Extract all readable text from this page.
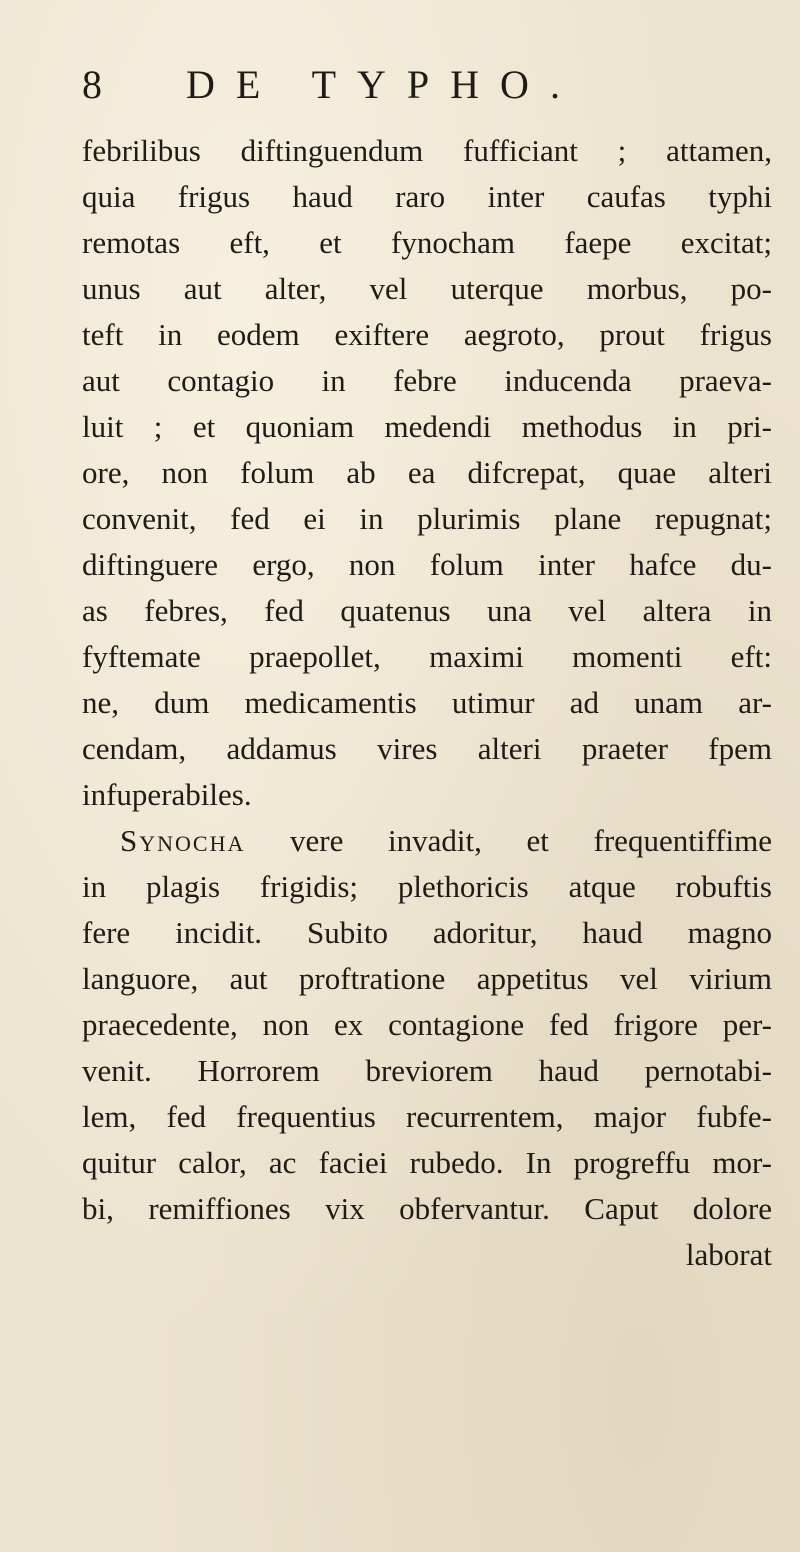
8 DE TYPHO.
febrilibus diftinguendum fufficiant ; attamen,
quia frigus haud raro inter caufas typhi
remotas eft, et fynocham faepe excitat;
unus aut alter, vel uterque morbus, po-
teft in eodem exiftere aegroto, prout frigus
aut contagio in febre inducenda praeva-
luit ; et quoniam medendi methodus in pri-
ore, non folum ab ea difcrepat, quae alteri
convenit, fed ei in plurimis plane repugnat;
diftinguere ergo, non folum inter hafce du-
as febres, fed quatenus una vel altera in
fyftemate praepollet, maximi momenti eft:
ne, dum medicamentis utimur ad unam ar-
cendam, addamus vires alteri praeter fpem
infuperabiles.
Synocha vere invadit, et frequentiffime
in plagis frigidis; plethoricis atque robuftis
fere incidit. Subito adoritur, haud magno
languore, aut proftratione appetitus vel virium
praecedente, non ex contagione fed frigore per-
venit. Horrorem breviorem haud pernotabi-
lem, fed frequentius recurrentem, major fubfe-
quitur calor, ac faciei rubedo. In progreffu mor-
bi, remiffiones vix obfervantur. Caput dolore
laborat
